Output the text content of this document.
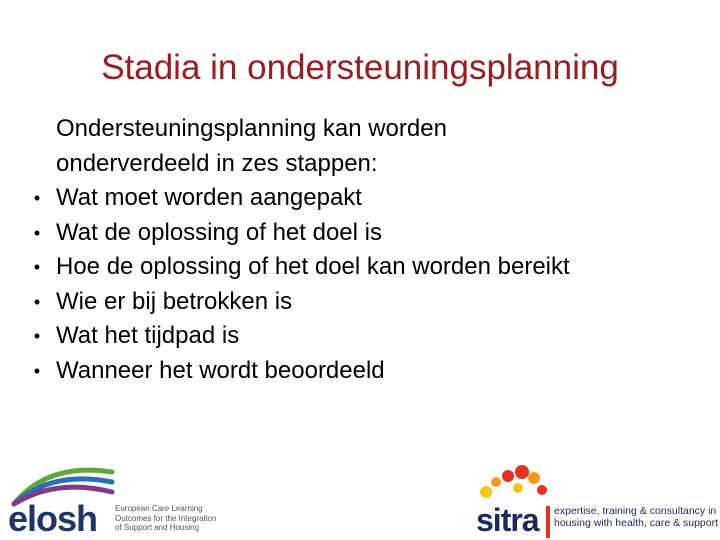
Stadia in ondersteuningsplanning
Ondersteuningsplanning kan worden
onderverdeeld in zes stappen:
• Wat moet worden aangepakt
• Wat de oplossing of het doel is
• Hoe de oplossing of het doel kan worden bereikt
• Wie er bij betrokken is
• Wat het tijdpad is
• Wanneer het wordt beoordeeld
elosh European Care Learning
Outcomes for the Integration
of Support and Housing	sitra expertise, training & consultancy in
housing with health, care & support
